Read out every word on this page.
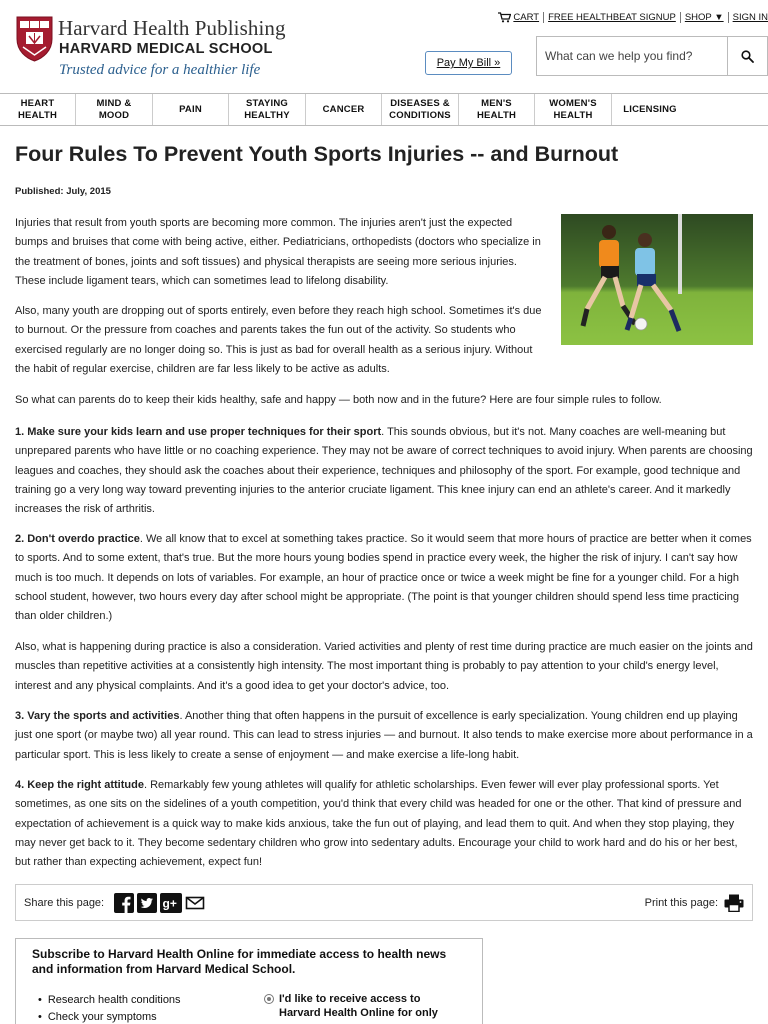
Harvard Health Publishing
HARVARD MEDICAL SCHOOL
Trusted advice for a healthier life
CART FREE HEALTHBEAT SIGNUP SHOP ▼ SIGN IN
Pay My Bill »
What can we help you find?
HEART
HEALTH
MIND &
MOOD
PAIN
STAYING
HEALTHY
CANCER
DISEASES &
CONDITIONS
MEN'S
HEALTH
WOMEN'S
HEALTH
LICENSING
Four Rules To Prevent Youth Sports Injuries -- and Burnout
Published: July, 2015

Injuries that result from youth sports are becoming more common. The injuries aren't just the expected bumps and bruises that come with being active, either. Pediatricians, orthopedists (doctors who specialize in the treatment of bones, joints and soft tissues) and physical therapists are seeing more serious injuries. These include ligament tears, which can sometimes lead to lifelong disability.

Also, many youth are dropping out of sports entirely, even before they reach high school. Sometimes it's due to burnout. Or the pressure from coaches and parents takes the fun out of the activity. So students who exercised regularly are no longer doing so. This is just as bad for overall health as a serious injury. Without the habit of regular exercise, children are far less likely to be active as adults.

So what can parents do to keep their kids healthy, safe and happy — both now and in the future? Here are four simple rules to follow.

1. Make sure your kids learn and use proper techniques for their sport. This sounds obvious, but it's not. Many coaches are well-meaning but unprepared parents who have little or no coaching experience. They may not be aware of correct techniques to avoid injury. When parents are choosing leagues and coaches, they should ask the coaches about their experience, techniques and philosophy of the sport. For example, good technique and training go a very long way toward preventing injuries to the anterior cruciate ligament. This knee injury can end an athlete's career. And it markedly increases the risk of arthritis.

2. Don't overdo practice. We all know that to excel at something takes practice. So it would seem that more hours of practice are better when it comes to sports. And to some extent, that's true. But the more hours young bodies spend in practice every week, the higher the risk of injury. I can't say how much is too much. It depends on lots of variables. For example, an hour of practice once or twice a week might be fine for a younger child. For a high school student, however, two hours every day after school might be appropriate. (The point is that younger children should spend less time practicing than older children.)

Also, what is happening during practice is also a consideration. Varied activities and plenty of rest time during practice are much easier on the joints and muscles than repetitive activities at a consistently high intensity. The most important thing is probably to pay attention to your child's energy level, interest and any physical complaints. And it's a good idea to get your doctor's advice, too.

3. Vary the sports and activities. Another thing that often happens in the pursuit of excellence is early specialization. Young children end up playing just one sport (or maybe two) all year round. This can lead to stress injuries — and burnout. It also tends to make exercise more about performance in a particular sport. This is less likely to create a sense of enjoyment — and make exercise a life-long habit.

4. Keep the right attitude. Remarkably few young athletes will qualify for athletic scholarships. Even fewer will ever play professional sports. Yet sometimes, as one sits on the sidelines of a youth competition, you'd think that every child was headed for one or the other. That kind of pressure and expectation of achievement is a quick way to make kids anxious, take the fun out of playing, and lead them to quit. And when they stop playing, they may never get back to it. They become sedentary children who grow into sedentary adults. Encourage your child to work hard and do his or her best, but rather than expecting achievement, expect fun!

Share this page:	g+	Print this page:
Subscribe to Harvard Health Online for immediate access to health news and information from Harvard Medical School.
• Research health conditions
• Check your symptoms
I'd like to receive access to Harvard Health Online for only
